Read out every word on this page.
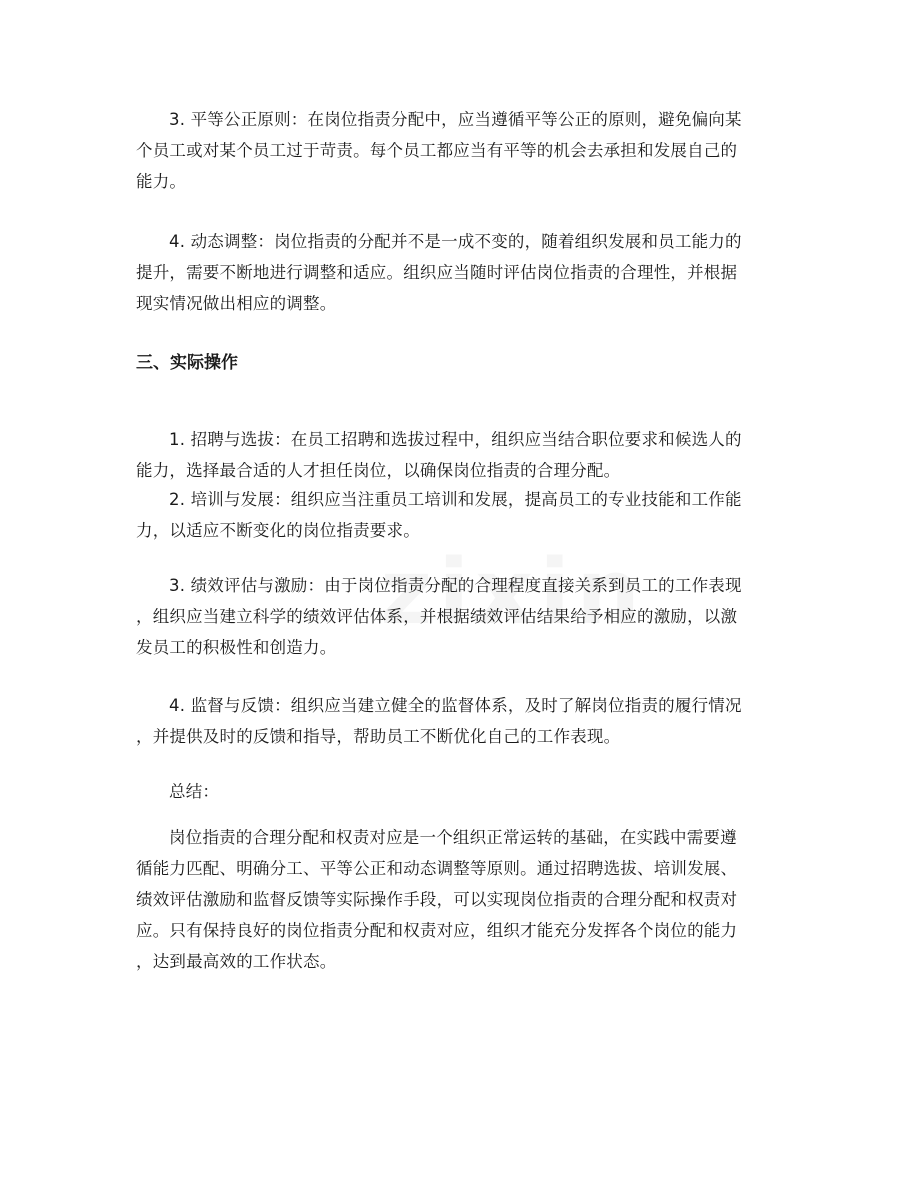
3. 平等公正原则：在岗位指责分配中，应当遵循平等公正的原则，避免偏向某
个员工或对某个员工过于苛责。每个员工都应当有平等的机会去承担和发展自己的
能力。
4. 动态调整：岗位指责的分配并不是一成不变的，随着组织发展和员工能力的
提升，需要不断地进行调整和适应。组织应当随时评估岗位指责的合理性，并根据
现实情况做出相应的调整。
三、实际操作
1. 招聘与选拔：在员工招聘和选拔过程中，组织应当结合职位要求和候选人的
能力，选择最合适的人才担任岗位，以确保岗位指责的合理分配。
2. 培训与发展：组织应当注重员工培训和发展，提高员工的专业技能和工作能
力，以适应不断变化的岗位指责要求。
3. 绩效评估与激励：由于岗位指责分配的合理程度直接关系到员工的工作表现
，组织应当建立科学的绩效评估体系，并根据绩效评估结果给予相应的激励，以激
发员工的积极性和创造力。
4. 监督与反馈：组织应当建立健全的监督体系，及时了解岗位指责的履行情况
，并提供及时的反馈和指导，帮助员工不断优化自己的工作表现。
总结：
岗位指责的合理分配和权责对应是一个组织正常运转的基础，在实践中需要遵
循能力匹配、明确分工、平等公正和动态调整等原则。通过招聘选拔、培训发展、
绩效评估激励和监督反馈等实际操作手段，可以实现岗位指责的合理分配和权责对
应。只有保持良好的岗位指责分配和权责对应，组织才能充分发挥各个岗位的能力
，达到最高效的工作状态。
